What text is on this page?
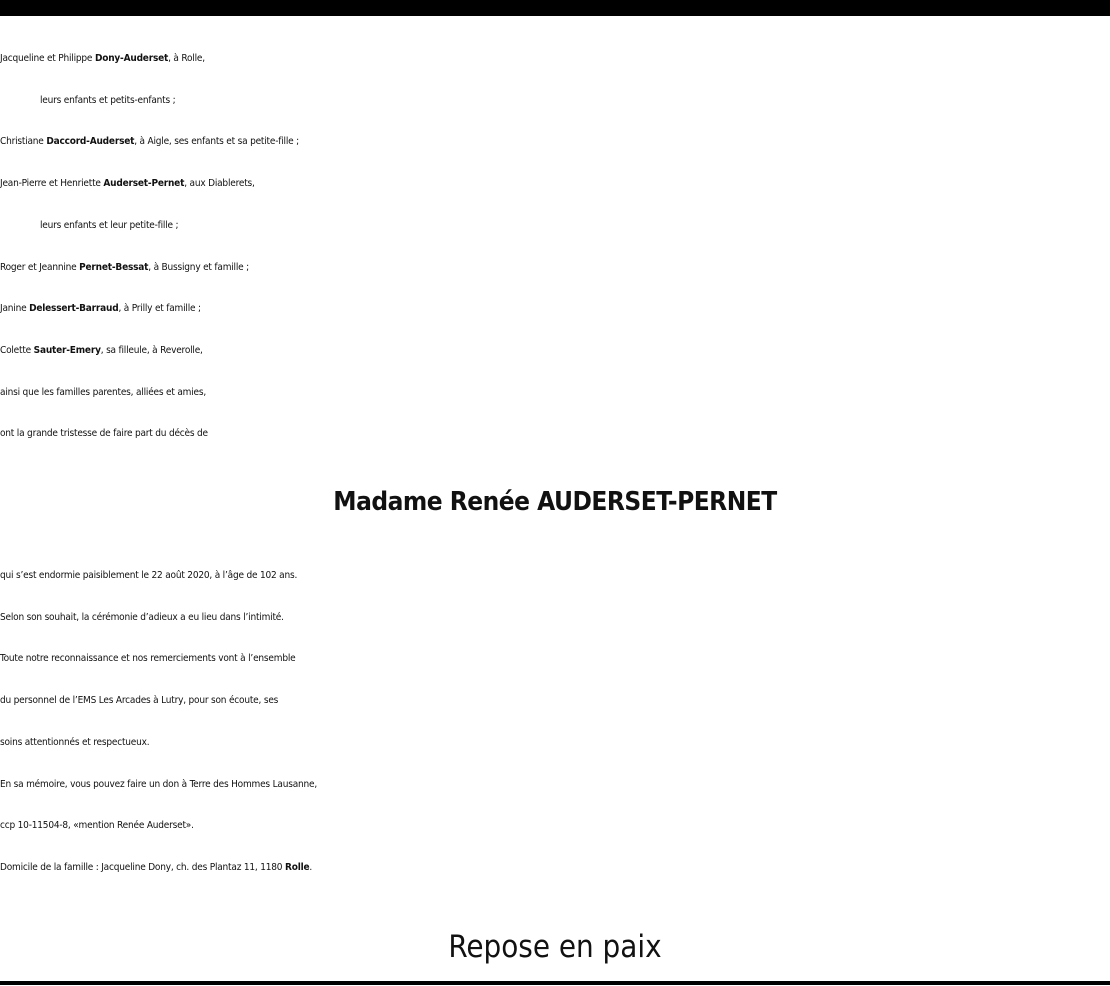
Jacqueline et Philippe Dony-Auderset, à Rolle,
leurs enfants et petits-enfants ;
Christiane Daccord-Auderset, à Aigle, ses enfants et sa petite-fille ;
Jean-Pierre et Henriette Auderset-Pernet, aux Diablerets,
leurs enfants et leur petite-fille ;
Roger et Jeannine Pernet-Bessat, à Bussigny et famille ;
Janine Delessert-Barraud, à Prilly et famille ;
Colette Sauter-Emery, sa filleule, à Reverolle,
ainsi que les familles parentes, alliées et amies,
ont la grande tristesse de faire part du décès de
Madame Renée AUDERSET-PERNET
qui s’est endormie paisiblement le 22 août 2020, à l’âge de 102 ans.
Selon son souhait, la cérémonie d’adieux a eu lieu dans l’intimité.
Toute notre reconnaissance et nos remerciements vont à l’ensemble
du personnel de l’EMS Les Arcades à Lutry, pour son écoute, ses
soins attentionnés et respectueux.
En sa mémoire, vous pouvez faire un don à Terre des Hommes Lausanne,
ccp 10-11504-8, «mention Renée Auderset».
Domicile de la famille : Jacqueline Dony, ch. des Plantaz 11, 1180 Rolle.
Repose en paix
